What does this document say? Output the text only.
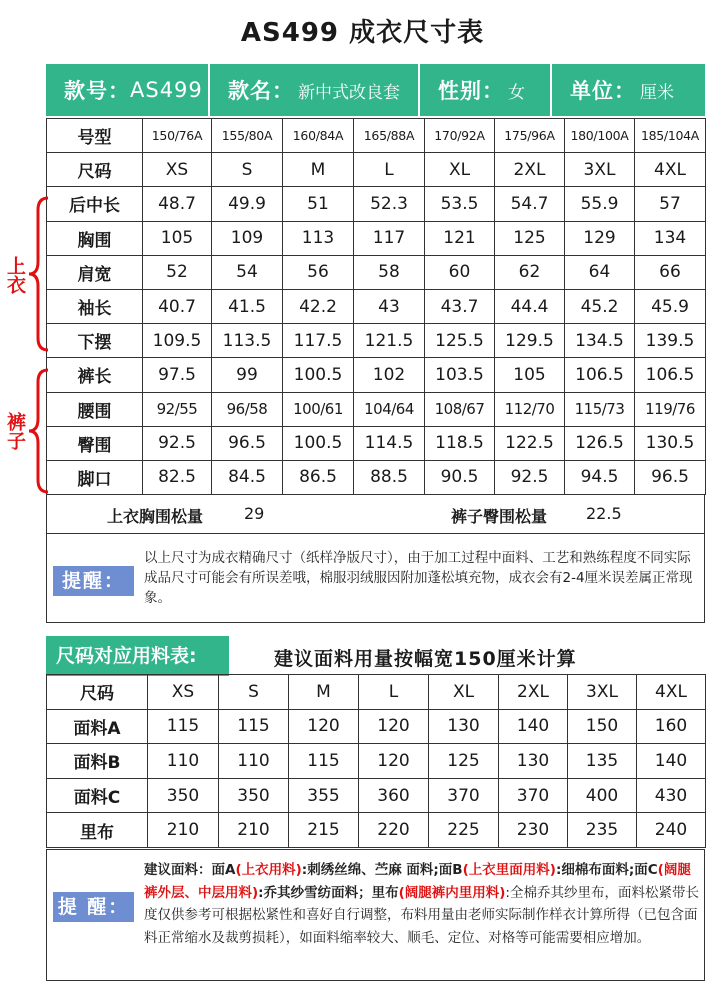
AS499 成衣尺寸表
款号： AS499 款名： 新中式改良套 性别： 女 单位： 厘米
号型	150/76A	155/80A	160/84A	165/88A	170/92A	175/96A	180/100A	185/104A
尺码	XS	S	M	L	XL	2XL	3XL	4XL
后中长	48.7	49.9	51	52.3	53.5	54.7	55.9	57
胸围	105	109	113	117	121	125	129	134
肩宽	52	54	56	58	60	62	64	66
袖长	40.7	41.5	42.2	43	43.7	44.4	45.2	45.9
下摆	109.5	113.5	117.5	121.5	125.5	129.5	134.5	139.5
裤长	97.5	99	100.5	102	103.5	105	106.5	106.5
腰围	92/55	96/58	100/61	104/64	108/67	112/70	115/73	119/76
臀围	92.5	96.5	100.5	114.5	118.5	122.5	126.5	130.5
脚口	82.5	84.5	86.5	88.5	90.5	92.5	94.5	96.5
上衣
裤子
上衣胸围松量	29	裤子臀围松量 22.5
提醒：
以上尺寸为成衣精确尺寸（纸样净版尺寸），由于加工过程中面料、工艺和熟练程度不同实际成品尺寸可能会有所误差哦，棉服羽绒服因附加蓬松填充物，成衣会有2-4厘米误差属正常现象。
尺码对应用料表:	建议面料用量按幅宽150厘米计算
尺码	XS	S	M	L	XL	2XL	3XL	4XL
面料A	115	115	120	120	130	140	150	160
面料B	110	110	115	120	125	130	135	140
面料C	350	350	355	360	370	370	400	430
里布	210	210	215	220	225	230	235	240
提 醒：
建议面料：面A(上衣用料):刺绣丝绵、苎麻 面料;面B(上衣里面用料):细棉布面料;面C(阔腿裤外层、中层用料):乔其纱雪纺面料；里布(阔腿裤内里用料):全棉乔其纱里布，面料松紧带长度仅供参考可根据松紧性和喜好自行调整，布料用量由老师实际制作样衣计算所得（已包含面料正常缩水及裁剪损耗），如面料缩率较大、顺毛、定位、对格等可能需要相应增加。
